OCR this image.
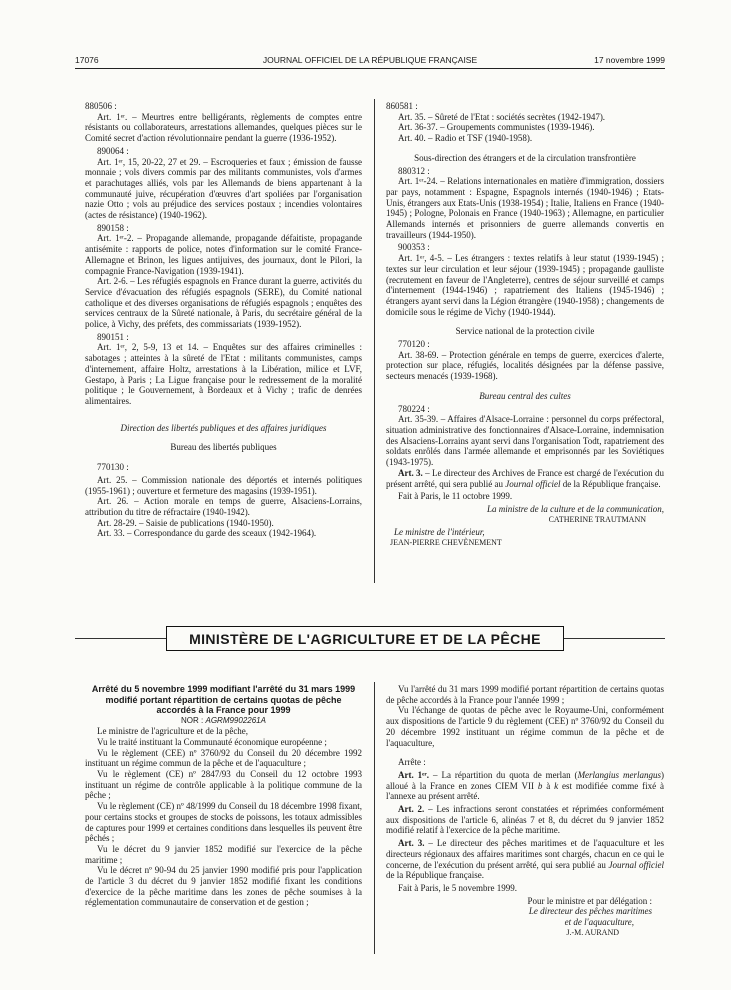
17076	JOURNAL OFFICIEL DE LA RÉPUBLIQUE FRANÇAISE	17 novembre 1999

880506 :

Art. 1ᵉʳ. – Meurtres entre belligérants, règlements de comptes entre résistants ou collaborateurs, arrestations allemandes, quelques pièces sur le Comité secret d'action révolutionnaire pendant la guerre (1936-1952).

890064 :

Art. 1ᵉʳ, 15, 20-22, 27 et 29. – Escroqueries et faux ; émission de fausse monnaie ; vols divers commis par des militants communistes, vols d'armes et parachutages alliés, vols par les Allemands de biens appartenant à la communauté juive, récupération d'œuvres d'art spoliées par l'organisation nazie Otto ; vols au préjudice des services postaux ; incendies volontaires (actes de résistance) (1940-1962).

890158 :

Art. 1ᵉʳ-2. – Propagande allemande, propagande défaitiste, propagande antisémite : rapports de police, notes d'information sur le comité France-Allemagne et Brinon, les ligues antijuives, des journaux, dont le Pilori, la compagnie France-Navigation (1939-1941).

Art. 2-6. – Les réfugiés espagnols en France durant la guerre, activités du Service d'évacuation des réfugiés espagnols (SERE), du Comité national catholique et des diverses organisations de réfugiés espagnols ; enquêtes des services centraux de la Sûreté nationale, à Paris, du secrétaire général de la police, à Vichy, des préfets, des commissariats (1939-1952).

890151 :

Art. 1ᵉʳ, 2, 5-9, 13 et 14. – Enquêtes sur des affaires criminelles : sabotages ; atteintes à la sûreté de l'Etat : militants communistes, camps d'internement, affaire Holtz, arrestations à la Libération, milice et LVF, Gestapo, à Paris ; La Ligue française pour le redressement de la moralité politique ; le Gouvernement, à Bordeaux et à Vichy ; trafic de denrées alimentaires.

Direction des libertés publiques et des affaires juridiques

Bureau des libertés publiques

770130 :

Art. 25. – Commission nationale des déportés et internés politiques (1955-1961) ; ouverture et fermeture des magasins (1939-1951).

Art. 26. – Action morale en temps de guerre, Alsaciens-Lorrains, attribution du titre de réfractaire (1940-1942).

Art. 28-29. – Saisie de publications (1940-1950).

Art. 33. – Correspondance du garde des sceaux (1942-1964).

860581 :

Art. 35. – Sûreté de l'Etat : sociétés secrètes (1942-1947).

Art. 36-37. – Groupements communistes (1939-1946).

Art. 40. – Radio et TSF (1940-1958).

Sous-direction des étrangers et de la circulation transfrontière

880312 :

Art. 1ᵉʳ-24. – Relations internationales en matière d'immigration, dossiers par pays, notamment : Espagne, Espagnols internés (1940-1946) ; Etats-Unis, étrangers aux Etats-Unis (1938-1954) ; Italie, Italiens en France (1940-1945) ; Pologne, Polonais en France (1940-1963) ; Allemagne, en particulier Allemands internés et prisonniers de guerre allemands convertis en travailleurs (1944-1950).

900353 :

Art. 1ᵉʳ, 4-5. – Les étrangers : textes relatifs à leur statut (1939-1945) ; textes sur leur circulation et leur séjour (1939-1945) ; propagande gaulliste (recrutement en faveur de l'Angleterre), centres de séjour surveillé et camps d'internement (1944-1946) ; rapatriement des Italiens (1945-1946) ; étrangers ayant servi dans la Légion étrangère (1940-1958) ; changements de domicile sous le régime de Vichy (1940-1944).

Service national de la protection civile

770120 :

Art. 38-69. – Protection générale en temps de guerre, exercices d'alerte, protection sur place, réfugiés, localités désignées par la défense passive, secteurs menacés (1939-1968).

Bureau central des cultes

780224 :

Art. 35-39. – Affaires d'Alsace-Lorraine : personnel du corps préfectoral, situation administrative des fonctionnaires d'Alsace-Lorraine, indemnisation des Alsaciens-Lorrains ayant servi dans l'organisation Todt, rapatriement des soldats enrôlés dans l'armée allemande et emprisonnés par les Soviétiques (1943-1975).

Art. 3. – Le directeur des Archives de France est chargé de l'exécution du présent arrêté, qui sera publié au Journal officiel de la République française.

Fait à Paris, le 11 octobre 1999.

La ministre de la culture et de la communication,

CATHERINE TRAUTMANN

Le ministre de l'intérieur,

JEAN-PIERRE CHEVÈNEMENT

MINISTÈRE DE L'AGRICULTURE ET DE LA PÊCHE

Arrêté du 5 novembre 1999 modifiant l'arrêté du 31 mars 1999 modifié portant répartition de certains quotas de pêche accordés à la France pour 1999

NOR : AGRM9902261A

Le ministre de l'agriculture et de la pêche,

Vu le traité instituant la Communauté économique européenne ;

Vu le règlement (CEE) nº 3760/92 du Conseil du 20 décembre 1992 instituant un régime commun de la pêche et de l'aquaculture ;

Vu le règlement (CE) nº 2847/93 du Conseil du 12 octobre 1993 instituant un régime de contrôle applicable à la politique commune de la pêche ;

Vu le règlement (CE) nº 48/1999 du Conseil du 18 décembre 1998 fixant, pour certains stocks et groupes de stocks de poissons, les totaux admissibles de captures pour 1999 et certaines conditions dans lesquelles ils peuvent être pêchés ;

Vu le décret du 9 janvier 1852 modifié sur l'exercice de la pêche maritime ;

Vu le décret nº 90-94 du 25 janvier 1990 modifié pris pour l'application de l'article 3 du décret du 9 janvier 1852 modifié fixant les conditions d'exercice de la pêche maritime dans les zones de pêche soumises à la réglementation communautaire de conservation et de gestion ;

Vu l'arrêté du 31 mars 1999 modifié portant répartition de certains quotas de pêche accordés à la France pour l'année 1999 ;

Vu l'échange de quotas de pêche avec le Royaume-Uni, conformément aux dispositions de l'article 9 du règlement (CEE) nº 3760/92 du Conseil du 20 décembre 1992 instituant un régime commun de la pêche et de l'aquaculture,

Arrête :

Art. 1ᵉʳ. – La répartition du quota de merlan (Merlangius merlangus) alloué à la France en zones CIEM VII b à k est modifiée comme fixé à l'annexe au présent arrêté.

Art. 2. – Les infractions seront constatées et réprimées conformément aux dispositions de l'article 6, alinéas 7 et 8, du décret du 9 janvier 1852 modifié relatif à l'exercice de la pêche maritime.

Art. 3. – Le directeur des pêches maritimes et de l'aquaculture et les directeurs régionaux des affaires maritimes sont chargés, chacun en ce qui le concerne, de l'exécution du présent arrêté, qui sera publié au Journal officiel de la République française.

Fait à Paris, le 5 novembre 1999.

Pour le ministre et par délégation :

Le directeur des pêches maritimes

et de l'aquaculture,

J.-M. AURAND
